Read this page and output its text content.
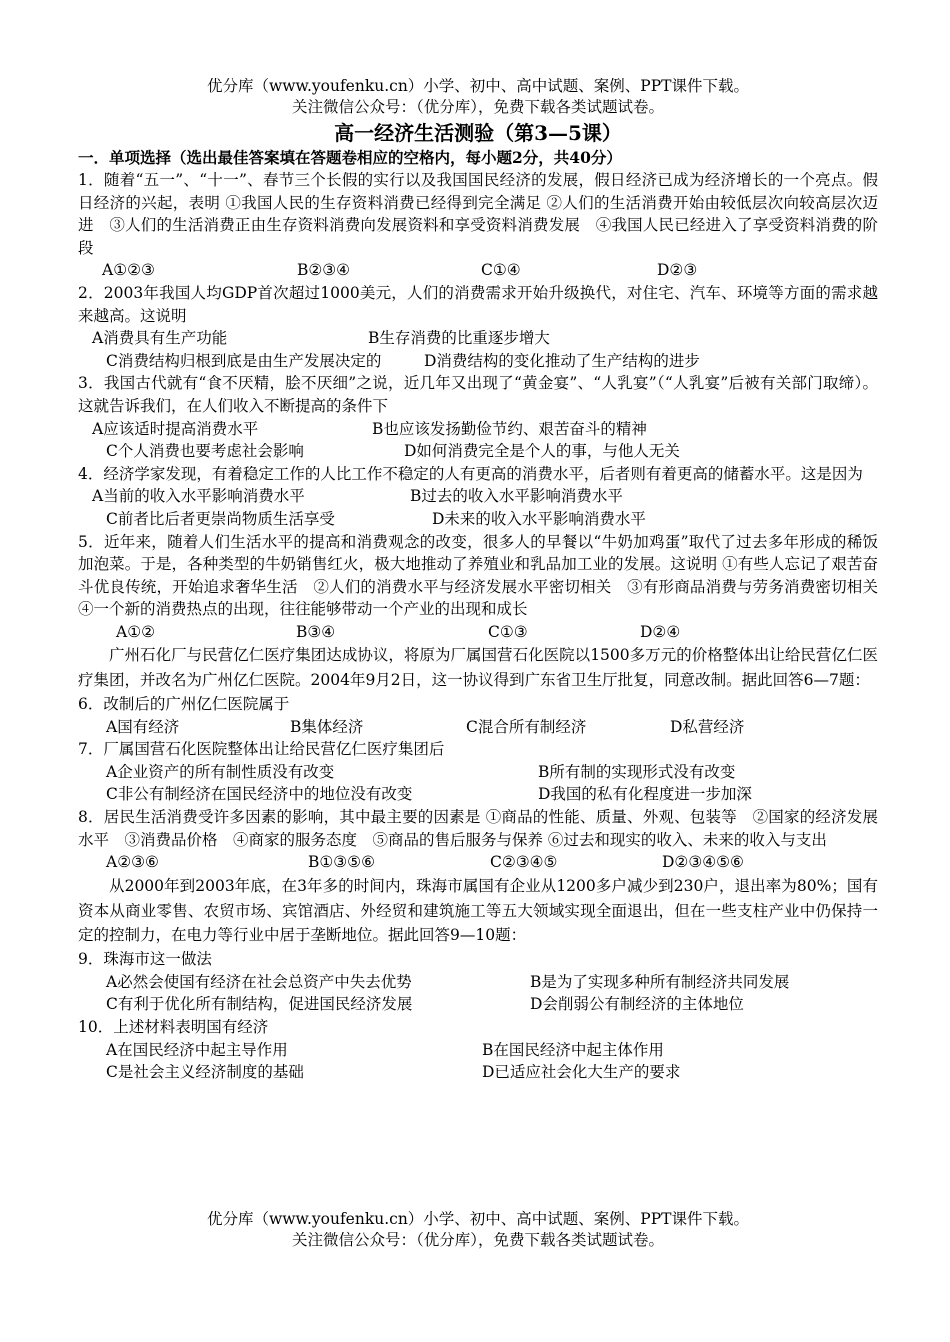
优分库（www.youfenku.cn）小学、初中、高中试题、案例、PPT课件下载。
关注微信公众号：（优分库），免费下载各类试题试卷。
高一经济生活测验（第3—5课）
一．单项选择（选出最佳答案填在答题卷相应的空格内，每小题2分，共40分）
1．随着“五一”、“十一”、春节三个长假的实行以及我国国民经济的发展，假日经济已成为经济增长的一个亮点。假日经济的兴起，表明 ①我国人民的生存资料消费已经得到完全满足 ②人们的生活消费开始由较低层次向较高层次迈进　③人们的生活消费正由生存资料消费向发展资料和享受资料消费发展　④我国人民已经进入了享受资料消费的阶段
A①②③	B②③④	C①④	D②③
2．2003年我国人均GDP首次超过1000美元，人们的消费需求开始升级换代，对住宅、汽车、环境等方面的需求越来越高。这说明
A消费具有生产功能	B生存消费的比重逐步增大
C消费结构归根到底是由生产发展决定的	D消费结构的变化推动了生产结构的进步
3．我国古代就有“食不厌精，脍不厌细”之说，近几年又出现了“黄金宴”、“人乳宴”（“人乳宴”后被有关部门取缔）。这就告诉我们，在人们收入不断提高的条件下
A应该适时提高消费水平	B也应该发扬勤俭节约、艰苦奋斗的精神
C个人消费也要考虑社会影响	D如何消费完全是个人的事，与他人无关
4．经济学家发现，有着稳定工作的人比工作不稳定的人有更高的消费水平，后者则有着更高的储蓄水平。这是因为
A当前的收入水平影响消费水平	B过去的收入水平影响消费水平
C前者比后者更崇尚物质生活享受	D未来的收入水平影响消费水平
5．近年来，随着人们生活水平的提高和消费观念的改变，很多人的早餐以“牛奶加鸡蛋”取代了过去多年形成的稀饭加泡菜。于是，各种类型的牛奶销售红火，极大地推动了养殖业和乳品加工业的发展。这说明 ①有些人忘记了艰苦奋斗优良传统，开始追求奢华生活　②人们的消费水平与经济发展水平密切相关　③有形商品消费与劳务消费密切相关　④一个新的消费热点的出现，往往能够带动一个产业的出现和成长
A①②	B③④	C①③	D②④
广州石化厂与民营亿仁医疗集团达成协议，将原为厂属国营石化医院以1500多万元的价格整体出让给民营亿仁医疗集团，并改名为广州亿仁医院。2004年9月2日，这一协议得到广东省卫生厅批复，同意改制。据此回答6—7题：
6．改制后的广州亿仁医院属于
A国有经济	B集体经济	C混合所有制经济	D私营经济
7．厂属国营石化医院整体出让给民营亿仁医疗集团后
A企业资产的所有制性质没有改变	B所有制的实现形式没有改变
C非公有制经济在国民经济中的地位没有改变	D我国的私有化程度进一步加深
8．居民生活消费受许多因素的影响，其中最主要的因素是 ①商品的性能、质量、外观、包装等　②国家的经济发展水平　③消费品价格　④商家的服务态度　⑤商品的售后服务与保养 ⑥过去和现实的收入、未来的收入与支出
A②③⑥	B①③⑤⑥	C②③④⑤	D②③④⑤⑥
从2000年到2003年底，在3年多的时间内，珠海市属国有企业从1200多户减少到230户，退出率为80%；国有资本从商业零售、农贸市场、宾馆酒店、外经贸和建筑施工等五大领域实现全面退出，但在一些支柱产业中仍保持一定的控制力，在电力等行业中居于垄断地位。据此回答9—10题：
9．珠海市这一做法
A必然会使国有经济在社会总资产中失去优势	B是为了实现多种所有制经济共同发展
C有利于优化所有制结构，促进国民经济发展	D会削弱公有制经济的主体地位
10．上述材料表明国有经济
A在国民经济中起主导作用	B在国民经济中起主体作用
C是社会主义经济制度的基础	D已适应社会化大生产的要求
优分库（www.youfenku.cn）小学、初中、高中试题、案例、PPT课件下载。
关注微信公众号：（优分库），免费下载各类试题试卷。
